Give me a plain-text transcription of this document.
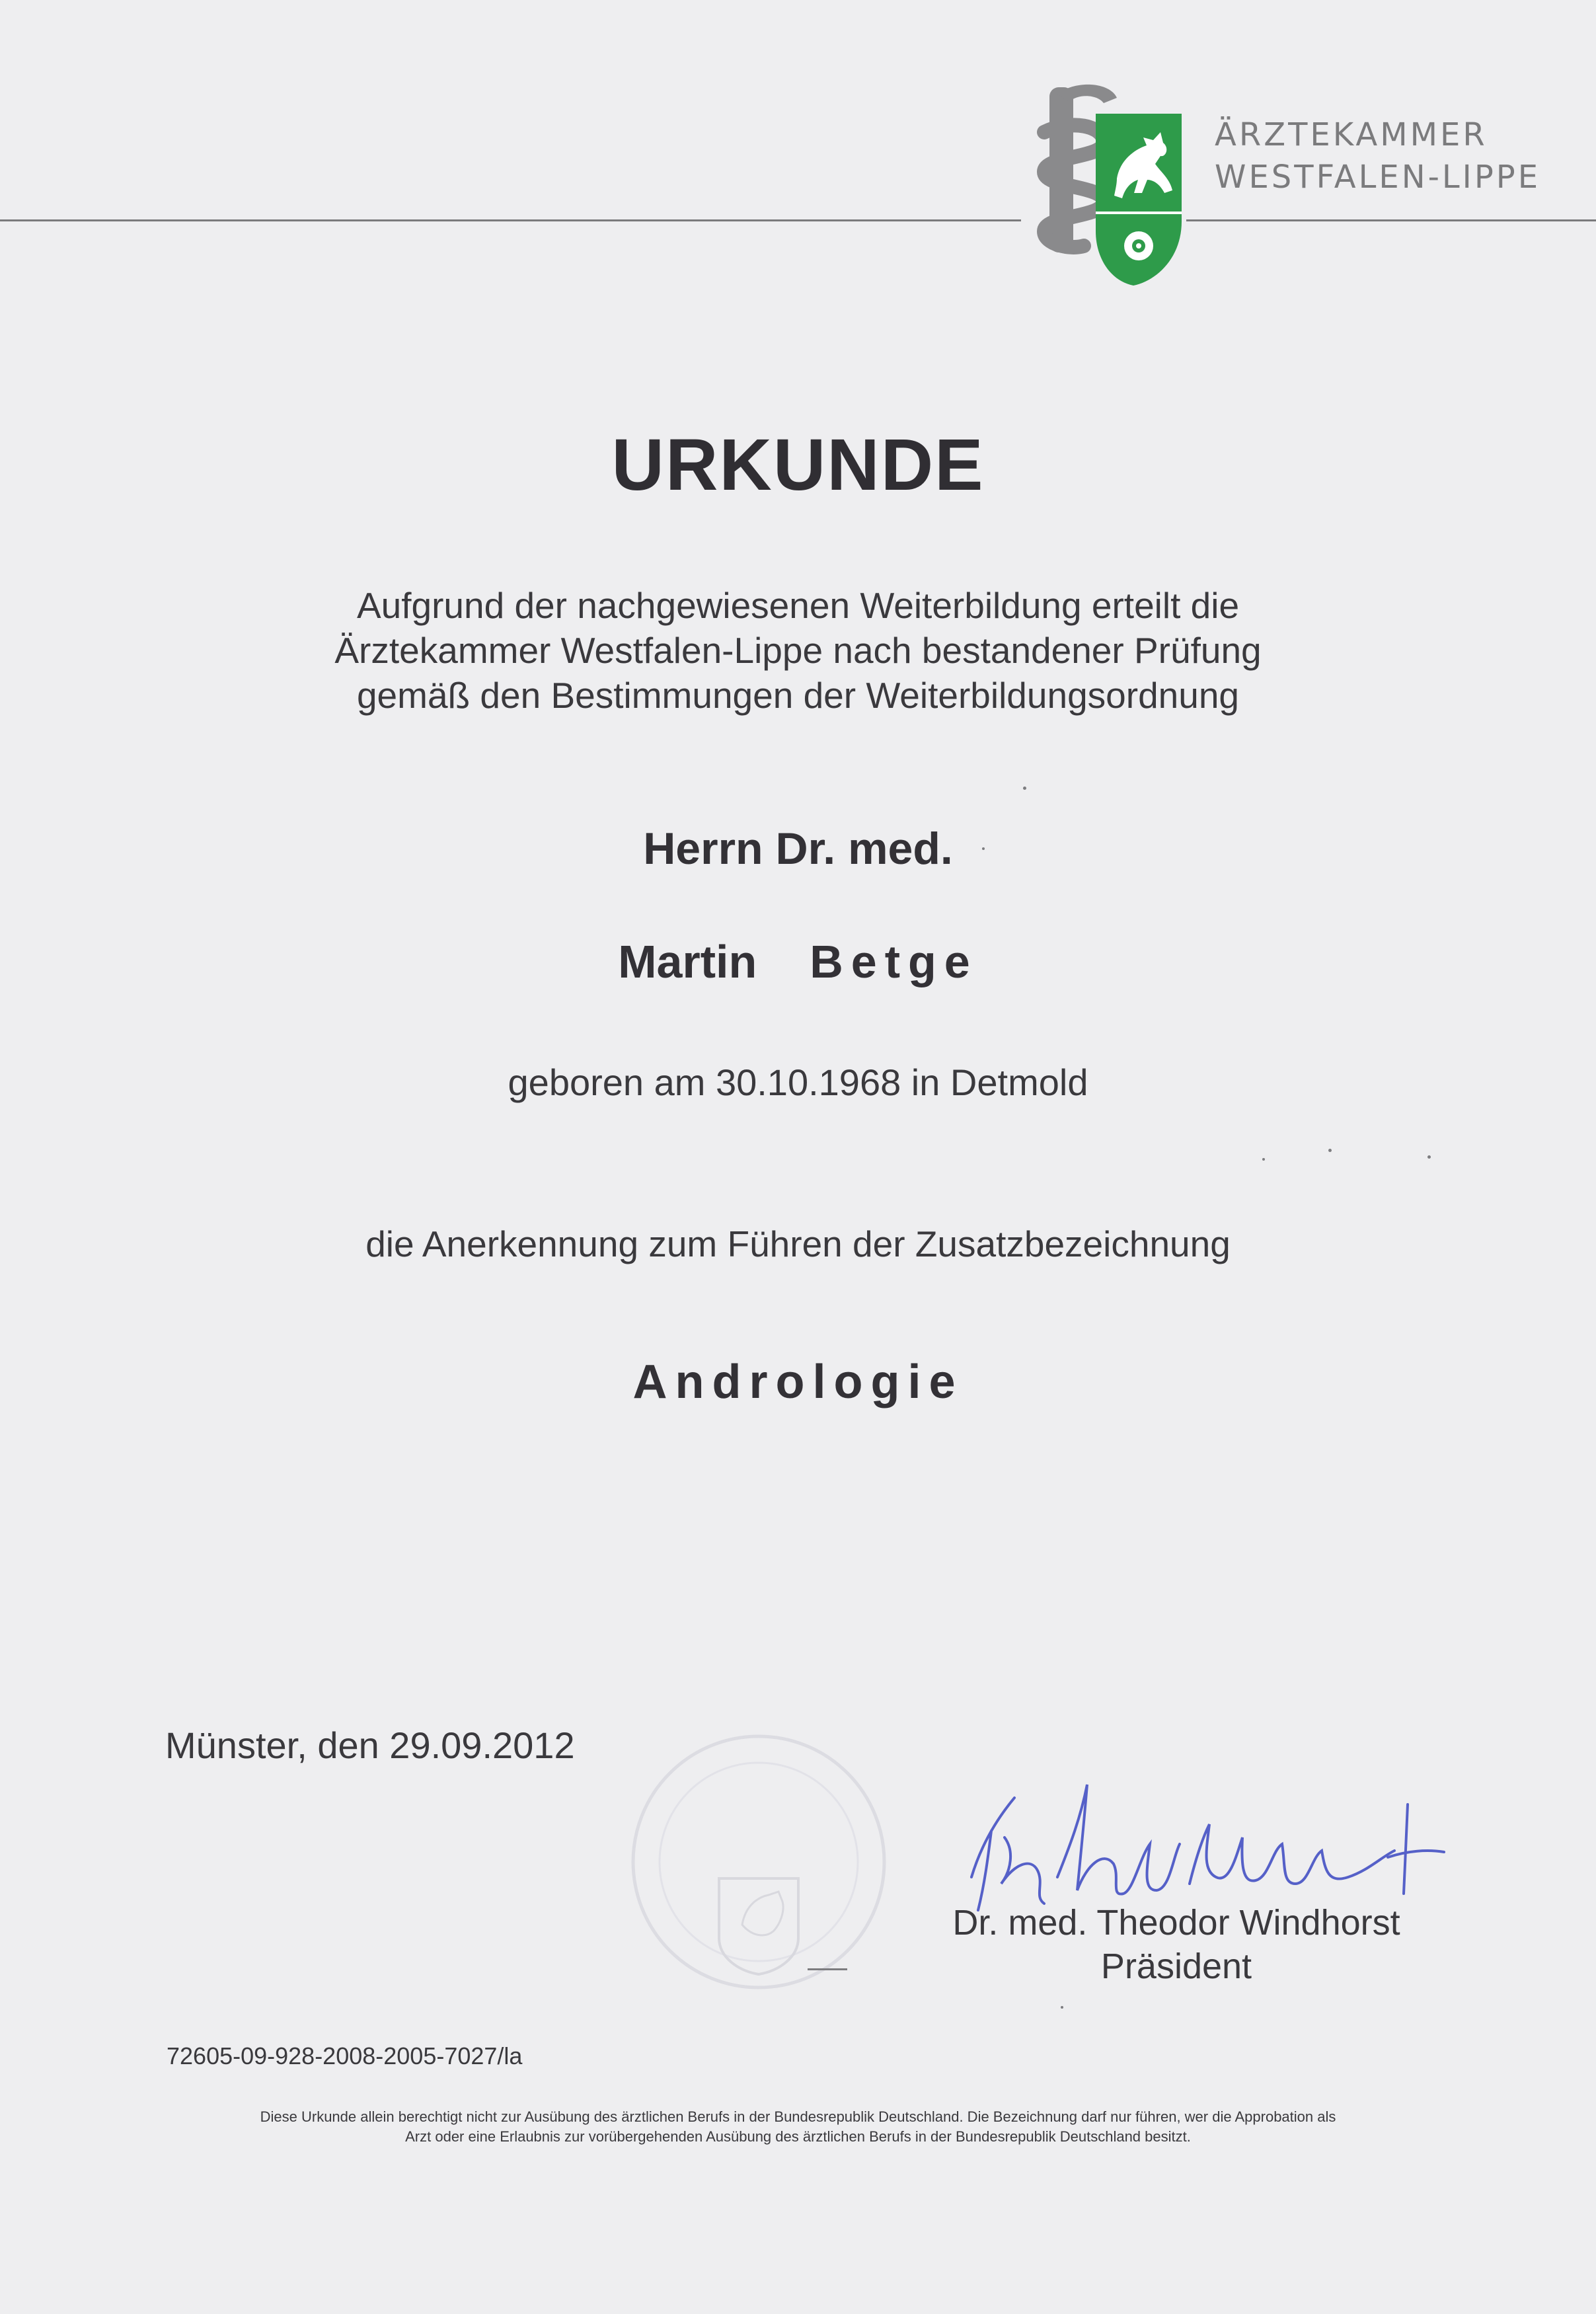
ÄRZTEKAMMER
WESTFALEN-LIPPE
URKUNDE
Aufgrund der nachgewiesenen Weiterbildung erteilt die
Ärztekammer Westfalen-Lippe nach bestandener Prüfung
gemäß den Bestimmungen der Weiterbildungsordnung
Herrn Dr. med.
Martin Betge
geboren am 30.10.1968 in Detmold
die Anerkennung zum Führen der Zusatzbezeichnung
Andrologie
Münster, den 29.09.2012
Dr. med. Theodor Windhorst
Präsident
72605-09-928-2008-2005-7027/la
Diese Urkunde allein berechtigt nicht zur Ausübung des ärztlichen Berufs in der Bundesrepublik Deutschland. Die Bezeichnung darf nur führen, wer die Approbation als
Arzt oder eine Erlaubnis zur vorübergehenden Ausübung des ärztlichen Berufs in der Bundesrepublik Deutschland besitzt.
